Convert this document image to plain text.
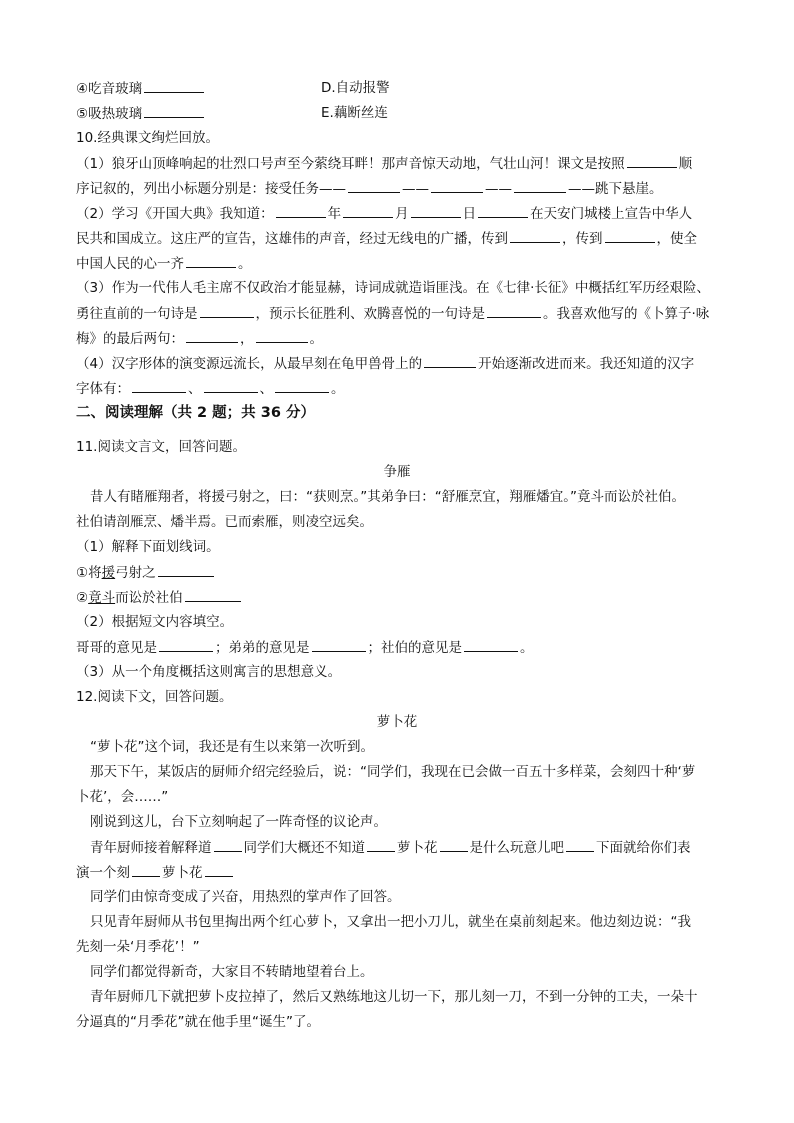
④吃音玻璃	D.自动报警
⑤吸热玻璃	E.藕断丝连
10.经典课文绚烂回放。
（1）狼牙山顶峰响起的壮烈口号声至今萦绕耳畔！那声音惊天动地，气壮山河！课文是按照	顺
序记叙的，列出小标题分别是：接受任务——	——	——	——跳下悬崖。
（2）学习《开国大典》我知道：	年	月	日	在天安门城楼上宣告中华人
民共和国成立。这庄严的宣告，这雄伟的声音，经过无线电的广播，传到	，传到	，使全
中国人民的心一齐	。
（3）作为一代伟人毛主席不仅政治才能显赫，诗词成就造诣匪浅。在《七律·长征》中概括红军历经艰险、
勇往直前的一句诗是	，预示长征胜利、欢腾喜悦的一句诗是	。我喜欢他写的《卜算子·咏
梅》的最后两句：	，	。
（4）汉字形体的演变源远流长，从最早刻在龟甲兽骨上的	开始逐渐改进而来。我还知道的汉字
字体有：	、	、	。
二、阅读理解（共 2 题；共 36 分）
11.阅读文言文，回答问题。
争雁
昔人有睹雁翔者，将援弓射之，曰：“获则烹。”其弟争曰：“舒雁烹宜，翔雁燔宜。”竟斗而讼於社伯。
社伯请剖雁烹、燔半焉。已而索雁，则凌空远矣。
（1）解释下面划线词。
①将援弓射之
②竟斗而讼於社伯
（2）根据短文内容填空。
哥哥的意见是	；弟弟的意见是	；社伯的意见是	。
（3）从一个角度概括这则寓言的思想意义。
12.阅读下文，回答问题。
萝卜花
“萝卜花”这个词，我还是有生以来第一次听到。
那天下午，某饭店的厨师介绍完经验后，说：“同学们，我现在已会做一百五十多样菜，会刻四十种‘萝
卜花’，会……”
刚说到这儿，台下立刻响起了一阵奇怪的议论声。
青年厨师接着解释道 同学们大概还不知道 萝卜花 是什么玩意儿吧 下面就给你们表
演一个刻 萝卜花
同学们由惊奇变成了兴奋，用热烈的掌声作了回答。
只见青年厨师从书包里掏出两个红心萝卜，又拿出一把小刀儿，就坐在桌前刻起来。他边刻边说：“我
先刻一朵‘月季花’！”
同学们都觉得新奇，大家目不转睛地望着台上。
青年厨师几下就把萝卜皮拉掉了，然后又熟练地这儿切一下，那儿刻一刀，不到一分钟的工夫，一朵十
分逼真的“月季花”就在他手里“诞生”了。
